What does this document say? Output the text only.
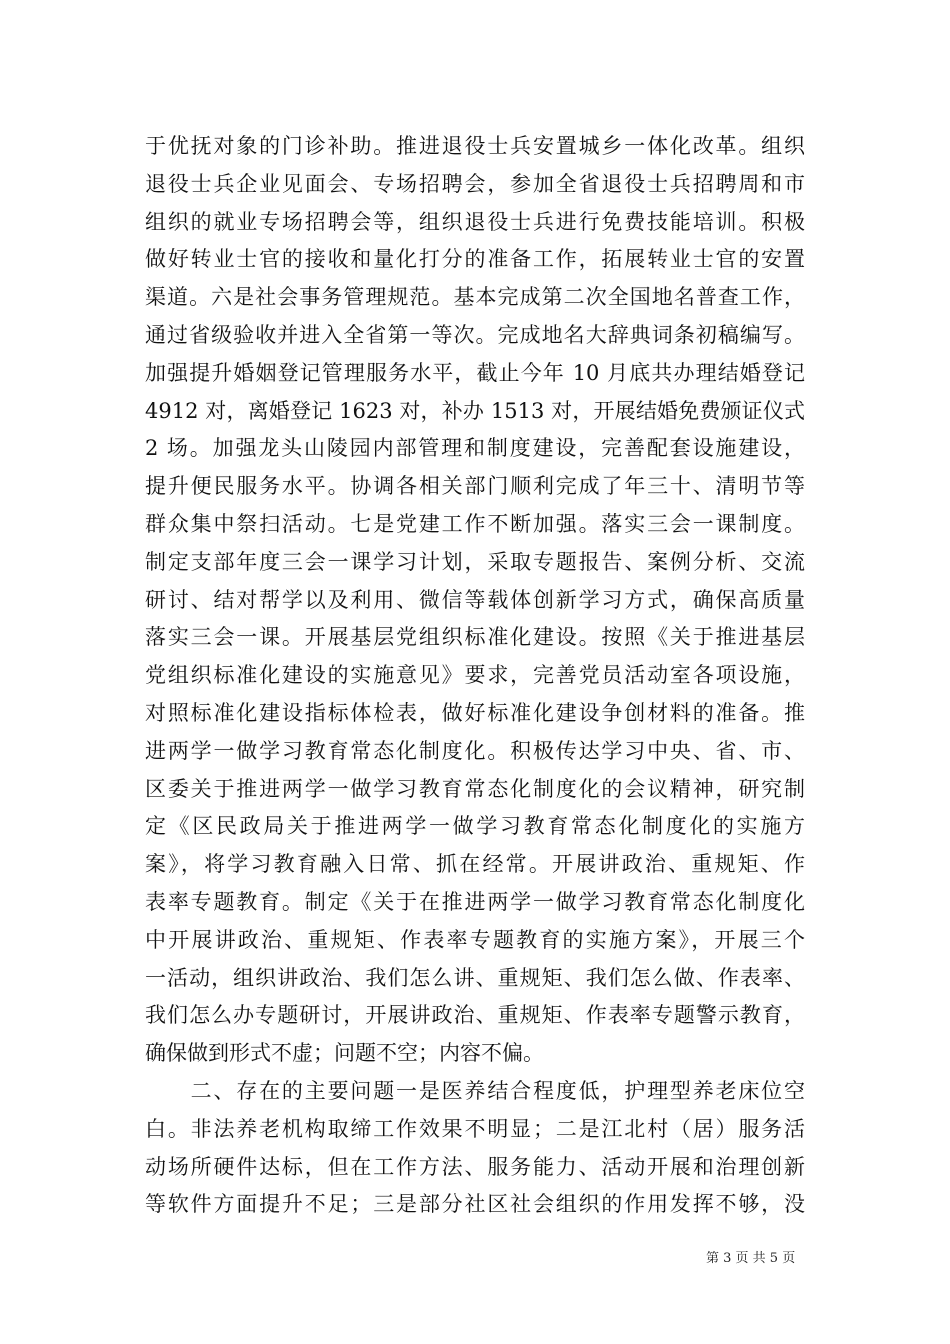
于优抚对象的门诊补助。推进退役士兵安置城乡一体化改革。组织
退役士兵企业见面会、专场招聘会，参加全省退役士兵招聘周和市
组织的就业专场招聘会等，组织退役士兵进行免费技能培训。积极
做好转业士官的接收和量化打分的准备工作，拓展转业士官的安置
渠道。六是社会事务管理规范。基本完成第二次全国地名普查工作，
通过省级验收并进入全省第一等次。完成地名大辞典词条初稿编写。
加强提升婚姻登记管理服务水平，截止今年 10 月底共办理结婚登记
4912 对，离婚登记 1623 对，补办 1513 对，开展结婚免费颁证仪式
2 场。加强龙头山陵园内部管理和制度建设，完善配套设施建设，
提升便民服务水平。协调各相关部门顺利完成了年三十、清明节等
群众集中祭扫活动。七是党建工作不断加强。落实三会一课制度。
制定支部年度三会一课学习计划，采取专题报告、案例分析、交流
研讨、结对帮学以及利用、微信等载体创新学习方式，确保高质量
落实三会一课。开展基层党组织标准化建设。按照《关于推进基层
党组织标准化建设的实施意见》要求，完善党员活动室各项设施，
对照标准化建设指标体检表，做好标准化建设争创材料的准备。推
进两学一做学习教育常态化制度化。积极传达学习中央、省、市、
区委关于推进两学一做学习教育常态化制度化的会议精神，研究制
定《区民政局关于推进两学一做学习教育常态化制度化的实施方
案》，将学习教育融入日常、抓在经常。开展讲政治、重规矩、作
表率专题教育。制定《关于在推进两学一做学习教育常态化制度化
中开展讲政治、重规矩、作表率专题教育的实施方案》，开展三个
一活动，组织讲政治、我们怎么讲、重规矩、我们怎么做、作表率、
我们怎么办专题研讨，开展讲政治、重规矩、作表率专题警示教育，
确保做到形式不虚；问题不空；内容不偏。
　　二、存在的主要问题一是医养结合程度低，护理型养老床位空
白。非法养老机构取缔工作效果不明显；二是江北村（居）服务活
动场所硬件达标，但在工作方法、服务能力、活动开展和治理创新
等软件方面提升不足；三是部分社区社会组织的作用发挥不够，没
第 3 页 共 5 页
